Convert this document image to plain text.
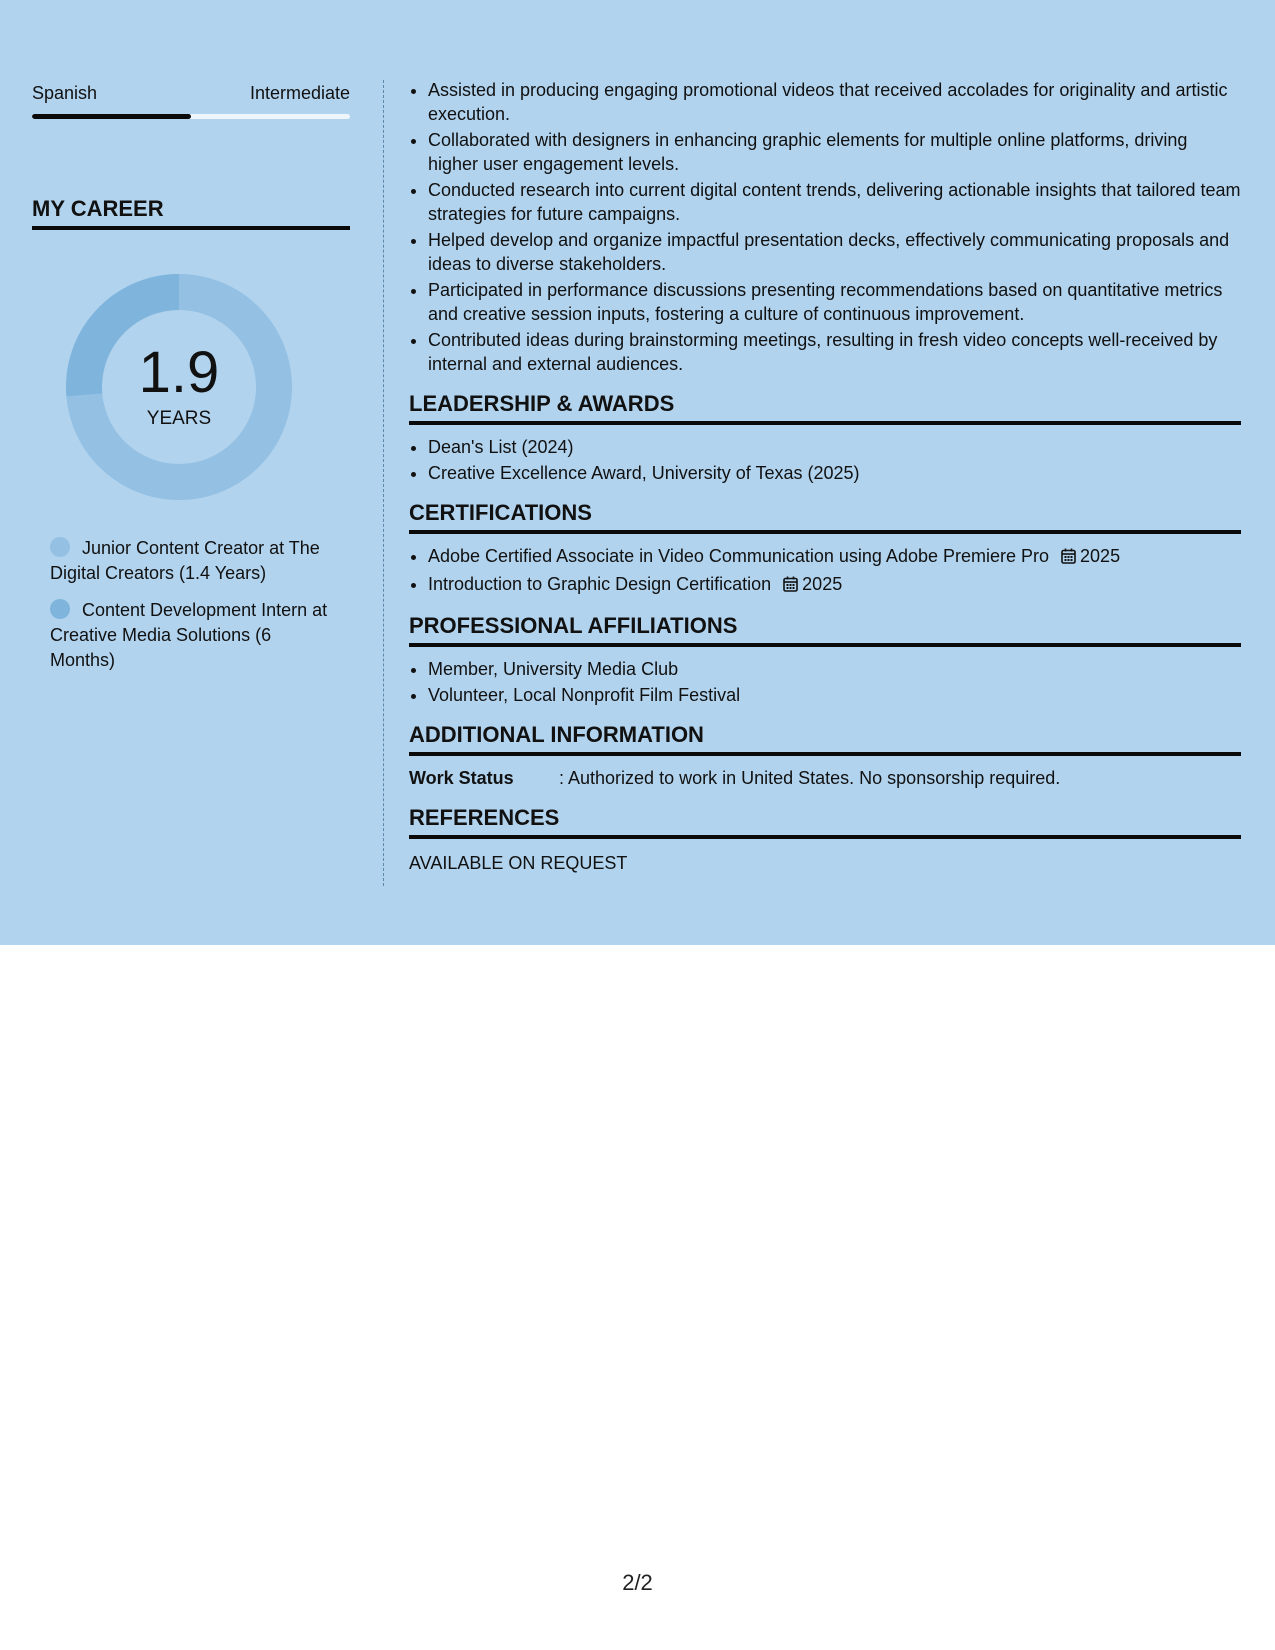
Spanish	Intermediate
MY CAREER
1.9
YEARS
Junior Content Creator at The Digital Creators (1.4 Years)
Content Development Intern at Creative Media Solutions (6 Months)
• Assisted in producing engaging promotional videos that received accolades for originality and artistic execution.
• Collaborated with designers in enhancing graphic elements for multiple online platforms, driving higher user engagement levels.
• Conducted research into current digital content trends, delivering actionable insights that tailored team strategies for future campaigns.
• Helped develop and organize impactful presentation decks, effectively communicating proposals and ideas to diverse stakeholders.
• Participated in performance discussions presenting recommendations based on quantitative metrics and creative session inputs, fostering a culture of continuous improvement.
• Contributed ideas during brainstorming meetings, resulting in fresh video concepts well-received by internal and external audiences.
LEADERSHIP & AWARDS
• Dean's List (2024)
• Creative Excellence Award, University of Texas (2025)
CERTIFICATIONS
• Adobe Certified Associate in Video Communication using Adobe Premiere Pro 2025
• Introduction to Graphic Design Certification 2025
PROFESSIONAL AFFILIATIONS
• Member, University Media Club
• Volunteer, Local Nonprofit Film Festival
ADDITIONAL INFORMATION
Work Status	: Authorized to work in United States. No sponsorship required.
REFERENCES
AVAILABLE ON REQUEST
2/2
